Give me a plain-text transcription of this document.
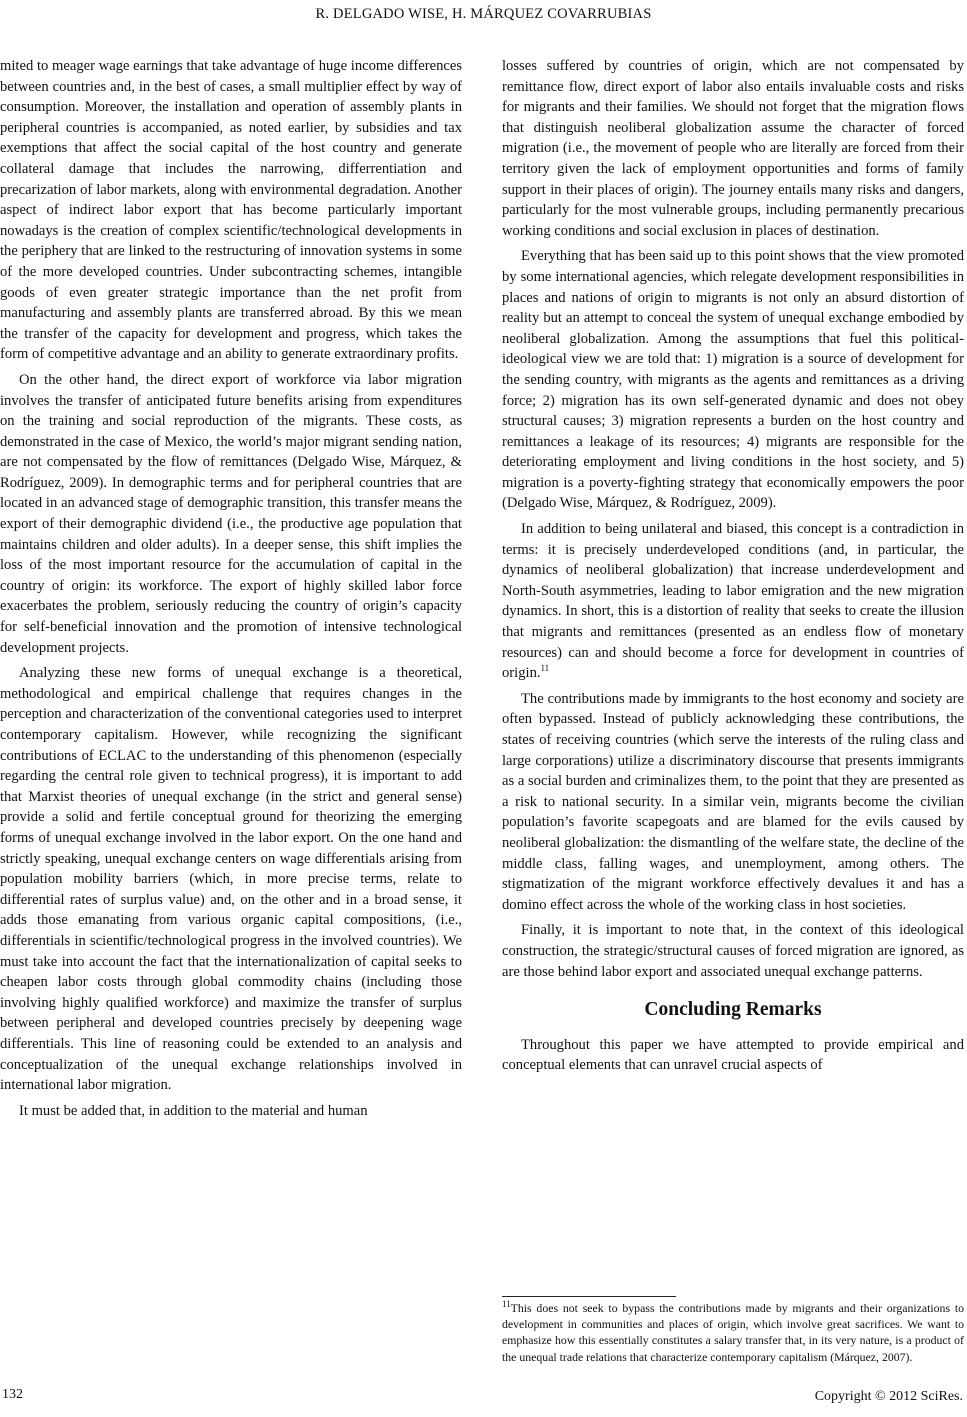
R. DELGADO WISE, H. MÁRQUEZ COVARRUBIAS

mited to meager wage earnings that take advantage of huge income differences between countries and, in the best of cases, a small multiplier effect by way of consumption. Moreover, the installation and operation of assembly plants in peripheral countries is accompanied, as noted earlier, by subsidies and tax exemptions that affect the social capital of the host country and generate collateral damage that includes the narrowing, differrentiation and precarization of labor markets, along with environmental degradation. Another aspect of indirect labor export that has become particularly important nowadays is the creation of complex scientific/technological developments in the periphery that are linked to the restructuring of innovation systems in some of the more developed countries. Under subcontracting schemes, intangible goods of even greater strategic importance than the net profit from manufacturing and assembly plants are transferred abroad. By this we mean the transfer of the capacity for development and progress, which takes the form of competitive advantage and an ability to generate extraordinary profits.

On the other hand, the direct export of workforce via labor migration involves the transfer of anticipated future benefits arising from expenditures on the training and social reproduction of the migrants. These costs, as demonstrated in the case of Mexico, the world’s major migrant sending nation, are not compensated by the flow of remittances (Delgado Wise, Márquez, & Rodríguez, 2009). In demographic terms and for peripheral countries that are located in an advanced stage of demographic transition, this transfer means the export of their demographic dividend (i.e., the productive age population that maintains children and older adults). In a deeper sense, this shift implies the loss of the most important resource for the accumulation of capital in the country of origin: its workforce. The export of highly skilled labor force exacerbates the problem, seriously reducing the country of origin’s capacity for self-beneficial innovation and the promotion of intensive technological development projects.

Analyzing these new forms of unequal exchange is a theoretical, methodological and empirical challenge that requires changes in the perception and characterization of the conventional categories used to interpret contemporary capitalism. However, while recognizing the significant contributions of ECLAC to the understanding of this phenomenon (especially regarding the central role given to technical progress), it is important to add that Marxist theories of unequal exchange (in the strict and general sense) provide a solid and fertile conceptual ground for theorizing the emerging forms of unequal exchange involved in the labor export. On the one hand and strictly speaking, unequal exchange centers on wage differentials arising from population mobility barriers (which, in more precise terms, relate to differential rates of surplus value) and, on the other and in a broad sense, it adds those emanating from various organic capital compositions, (i.e., differentials in scientific/technological progress in the involved countries). We must take into account the fact that the internationalization of capital seeks to cheapen labor costs through global commodity chains (including those involving highly qualified workforce) and maximize the transfer of surplus between peripheral and developed countries precisely by deepening wage differentials. This line of reasoning could be extended to an analysis and conceptualization of the unequal exchange relationships involved in international labor migration.

It must be added that, in addition to the material and human

losses suffered by countries of origin, which are not compensated by remittance flow, direct export of labor also entails invaluable costs and risks for migrants and their families. We should not forget that the migration flows that distinguish neoliberal globalization assume the character of forced migration (i.e., the movement of people who are literally are forced from their territory given the lack of employment opportunities and forms of family support in their places of origin). The journey entails many risks and dangers, particularly for the most vulnerable groups, including permanently precarious working conditions and social exclusion in places of destination.

Everything that has been said up to this point shows that the view promoted by some international agencies, which relegate development responsibilities in places and nations of origin to migrants is not only an absurd distortion of reality but an attempt to conceal the system of unequal exchange embodied by neoliberal globalization. Among the assumptions that fuel this political-ideological view we are told that: 1) migration is a source of development for the sending country, with migrants as the agents and remittances as a driving force; 2) migration has its own self-generated dynamic and does not obey structural causes; 3) migration represents a burden on the host country and remittances a leakage of its resources; 4) migrants are responsible for the deteriorating employment and living conditions in the host society, and 5) migration is a poverty-fighting strategy that economically empowers the poor (Delgado Wise, Márquez, & Rodríguez, 2009).

In addition to being unilateral and biased, this concept is a contradiction in terms: it is precisely underdeveloped conditions (and, in particular, the dynamics of neoliberal globalization) that increase underdevelopment and North-South asymmetries, leading to labor emigration and the new migration dynamics. In short, this is a distortion of reality that seeks to create the illusion that migrants and remittances (presented as an endless flow of monetary resources) can and should become a force for development in countries of origin.$^{11}$

The contributions made by immigrants to the host economy and society are often bypassed. Instead of publicly acknowledging these contributions, the states of receiving countries (which serve the interests of the ruling class and large corporations) utilize a discriminatory discourse that presents immigrants as a social burden and criminalizes them, to the point that they are presented as a risk to national security. In a similar vein, migrants become the civilian population’s favorite scapegoats and are blamed for the evils caused by neoliberal globalization: the dismantling of the welfare state, the decline of the middle class, falling wages, and unemployment, among others. The stigmatization of the migrant workforce effectively devalues it and has a domino effect across the whole of the working class in host societies.

Finally, it is important to note that, in the context of this ideological construction, the strategic/structural causes of forced migration are ignored, as are those behind labor export and associated unequal exchange patterns.

Concluding Remarks

Throughout this paper we have attempted to provide empirical and conceptual elements that can unravel crucial aspects of

$^{11}$This does not seek to bypass the contributions made by migrants and their organizations to development in communities and places of origin, which involve great sacrifices. We want to emphasize how this essentially constitutes a salary transfer that, in its very nature, is a product of the unequal trade relations that characterize contemporary capitalism (Márquez, 2007).

132	Copyright © 2012 SciRes.
